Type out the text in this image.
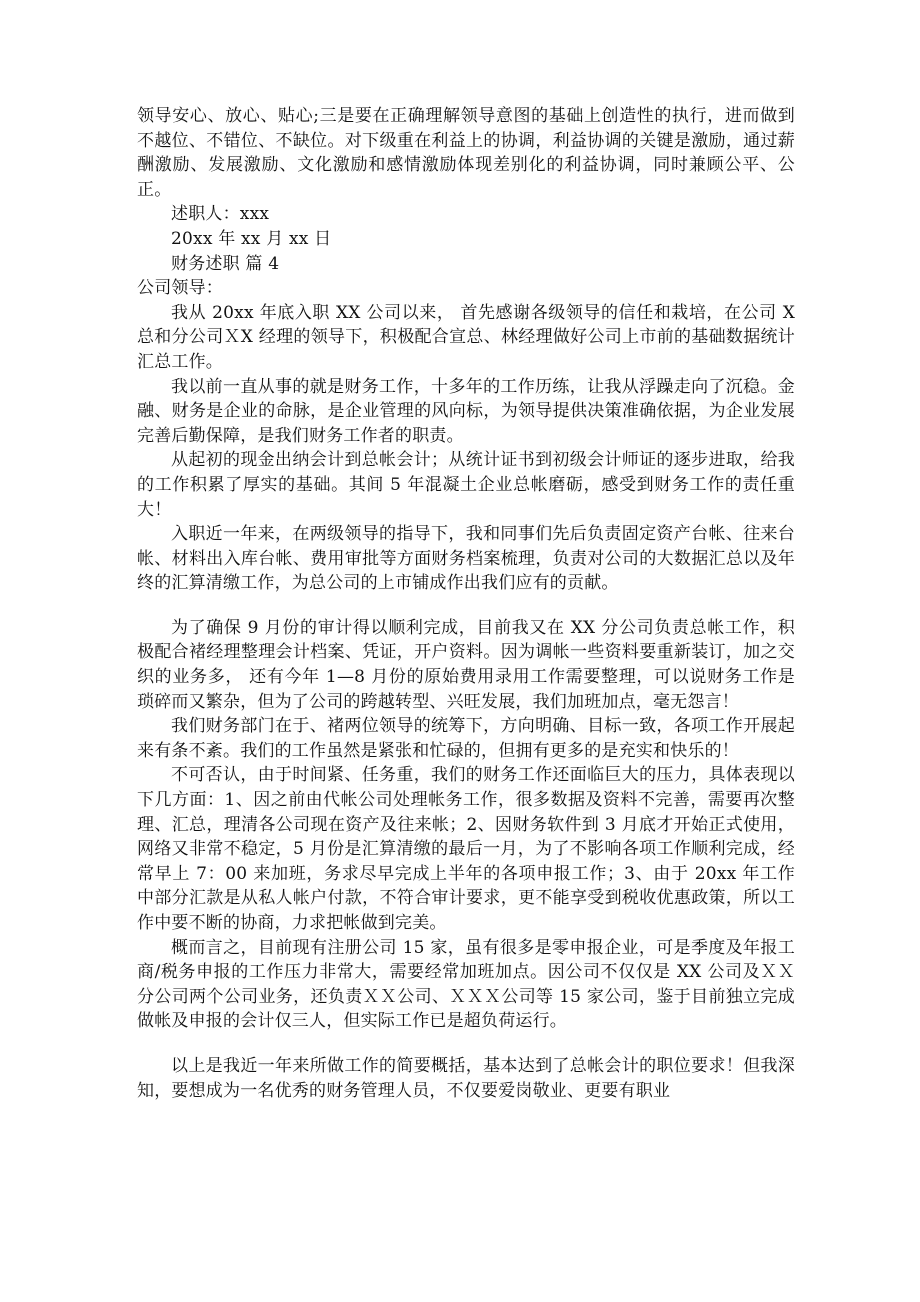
领导安心、放心、贴心;三是要在正确理解领导意图的基础上创造性的执行，进而做到不越位、不错位、不缺位。对下级重在利益上的协调，利益协调的关键是激励，通过薪酬激励、发展激励、文化激励和感情激励体现差别化的利益协调，同时兼顾公平、公正。

述职人：xxx

20xx 年 xx 月 xx 日

财务述职 篇 4

公司领导：

我从 20xx 年底入职 XX 公司以来， 首先感谢各级领导的信任和栽培，在公司 X 总和分公司ＸX 经理的领导下，积极配合宣总、林经理做好公司上市前的基础数据统计汇总工作。

我以前一直从事的就是财务工作，十多年的工作历练，让我从浮躁走向了沉稳。金融、财务是企业的命脉，是企业管理的风向标，为领导提供决策准确依据，为企业发展完善后勤保障，是我们财务工作者的职责。

从起初的现金出纳会计到总帐会计；从统计证书到初级会计师证的逐步进取，给我的工作积累了厚实的基础。其间 5 年混凝土企业总帐磨砺，感受到财务工作的责任重大！

入职近一年来，在两级领导的指导下，我和同事们先后负责固定资产台帐、往来台帐、材料出入库台帐、费用审批等方面财务档案梳理，负责对公司的大数据汇总以及年终的汇算清缴工作，为总公司的上市铺成作出我们应有的贡献。

为了确保 9 月份的审计得以顺利完成，目前我又在 XX 分公司负责总帐工作，积极配合褚经理整理会计档案、凭证，开户资料。因为调帐一些资料要重新装订，加之交织的业务多， 还有今年 1—8 月份的原始费用录用工作需要整理，可以说财务工作是琐碎而又繁杂，但为了公司的跨越转型、兴旺发展，我们加班加点，毫无怨言！

我们财务部门在于、褚两位领导的统筹下，方向明确、目标一致，各项工作开展起来有条不紊。我们的工作虽然是紧张和忙碌的，但拥有更多的是充实和快乐的！

不可否认，由于时间紧、任务重，我们的财务工作还面临巨大的压力，具体表现以下几方面：1、因之前由代帐公司处理帐务工作，很多数据及资料不完善，需要再次整理、汇总，理清各公司现在资产及往来帐；2、因财务软件到 3 月底才开始正式使用，网络又非常不稳定，5 月份是汇算清缴的最后一月，为了不影响各项工作顺利完成，经常早上 7：00 来加班，务求尽早完成上半年的各项申报工作；3、由于 20xx 年工作中部分汇款是从私人帐户付款，不符合审计要求，更不能享受到税收优惠政策，所以工作中要不断的协商，力求把帐做到完美。

概而言之，目前现有注册公司 15 家，虽有很多是零申报企业，可是季度及年报工商/税务申报的工作压力非常大，需要经常加班加点。因公司不仅仅是 XX 公司及ＸＸ分公司两个公司业务，还负责ＸＸ公司、ＸＸＸ公司等 15 家公司，鉴于目前独立完成做帐及申报的会计仅三人，但实际工作已是超负荷运行。

以上是我近一年来所做工作的简要概括，基本达到了总帐会计的职位要求！但我深知，要想成为一名优秀的财务管理人员，不仅要爱岗敬业、更要有职业
